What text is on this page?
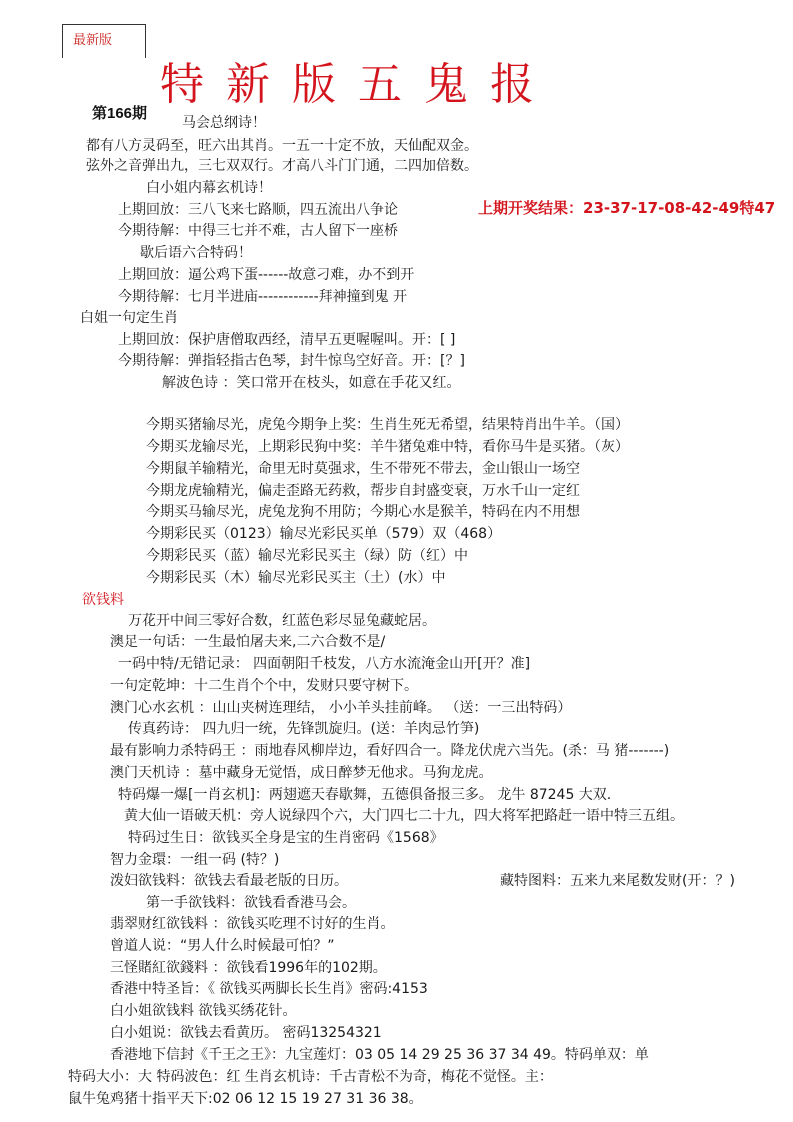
最新版
特新版五鬼报
第166期
上期开奖结果：23-37-17-08-42-49特47
马会总纲诗！
都有八方灵码至，旺六出其肖。一五一十定不放，天仙配双金。
弦外之音弹出九，三七双双行。才高八斗门门通，二四加倍数。
白小姐内幕玄机诗！
上期回放：三八飞来七路顺，四五流出八争论
今期待解：中得三七并不难，古人留下一座桥
歇后语六合特码！
上期回放：逼公鸡下蛋------故意刁难，办不到开
今期待解：七月半进庙------------拜神撞到鬼 开
白姐一句定生肖
上期回放：保护唐僧取西经，清早五更喔喔叫。开：[ ]
今期待解：弹指轻指古色琴，封牛惊鸟空好音。开：[？]
解波色诗 ：笑口常开在枝头，如意在手花又红。
今期买猪输尽光，虎兔今期争上奖：生肖生死无希望，结果特肖出牛羊。（国）
今期买龙输尽光，上期彩民狗中奖：羊牛猪兔难中特，看你马牛是买猪。（灰）
今期鼠羊输精光，命里无时莫强求，生不带死不带去，金山银山一场空
今期龙虎输精光，偏走歪路无药救，帮步自封盛变衰，万水千山一定红
今期买马输尽光，虎兔龙狗不用防；今期心水是猴羊，特码在内不用想
今期彩民买（0123）输尽光彩民买单（579）双（468）
今期彩民买（蓝）输尽光彩民买主（绿）防（红）中
今期彩民买（木）输尽光彩民买主（土）(水）中
欲钱料
万花开中间三零好合数，红蓝色彩尽显兔藏蛇居。
澳足一句话：一生最怕屠夫来,二六合数不是/
一码中特/无错记录： 四面朝阳千枝发，八方水流淹金山开[开？准]
一句定乾坤：十二生肖个个中，发财只要守树下。
澳门心水玄机 ：山山夹树连理结， 小小羊头挂前峰。 （送：一三出特码）
传真药诗： 四九归一统，先锋凯旋归。(送：羊肉忌竹笋)
最有影响力杀特码王 ：雨地春风柳岸边，看好四合一。降龙伏虎六当先。(杀：马 猪-------)
澳门天机诗 ：墓中藏身无觉悟，成日醉梦无他求。马狗龙虎。
特码爆一爆[一肖玄机]：两翅遮天春歇舞，五德俱备报三多。 龙牛 87245 大双.
黄大仙一语破天机：旁人说绿四个六，大门四七二十九，四大将军把路赶一语中特三五组。
特码过生日：欲钱买全身是宝的生肖密码《1568》
智力金環：一组一码 (特？)
泼妇欲钱料：欲钱去看最老版的日历。	藏特图料：五来九来尾数发财(开：？)
第一手欲钱料：欲钱看香港马会。
翡翠财红欲钱料 ：欲钱买吃理不讨好的生肖。
曾道人说：“男人什么时候最可怕？”
三怪賭紅欲錢料 ：欲钱看1996年的102期。
香港中特圣旨：《 欲钱买两脚长长生肖》密码:4153
白小姐欲钱料 欲钱买绣花针。
白小姐说：欲钱去看黄历。 密码13254321
香港地下信封《千王之王》：九宝莲灯：03 05 14 29 25 36 37 34 49。特码单双：单
特码大小：大 特码波色：红 生肖玄机诗：千古青松不为奇，梅花不觉怪。主：
鼠牛兔鸡猪十指平天下:02 06 12 15 19 27 31 36 38。
